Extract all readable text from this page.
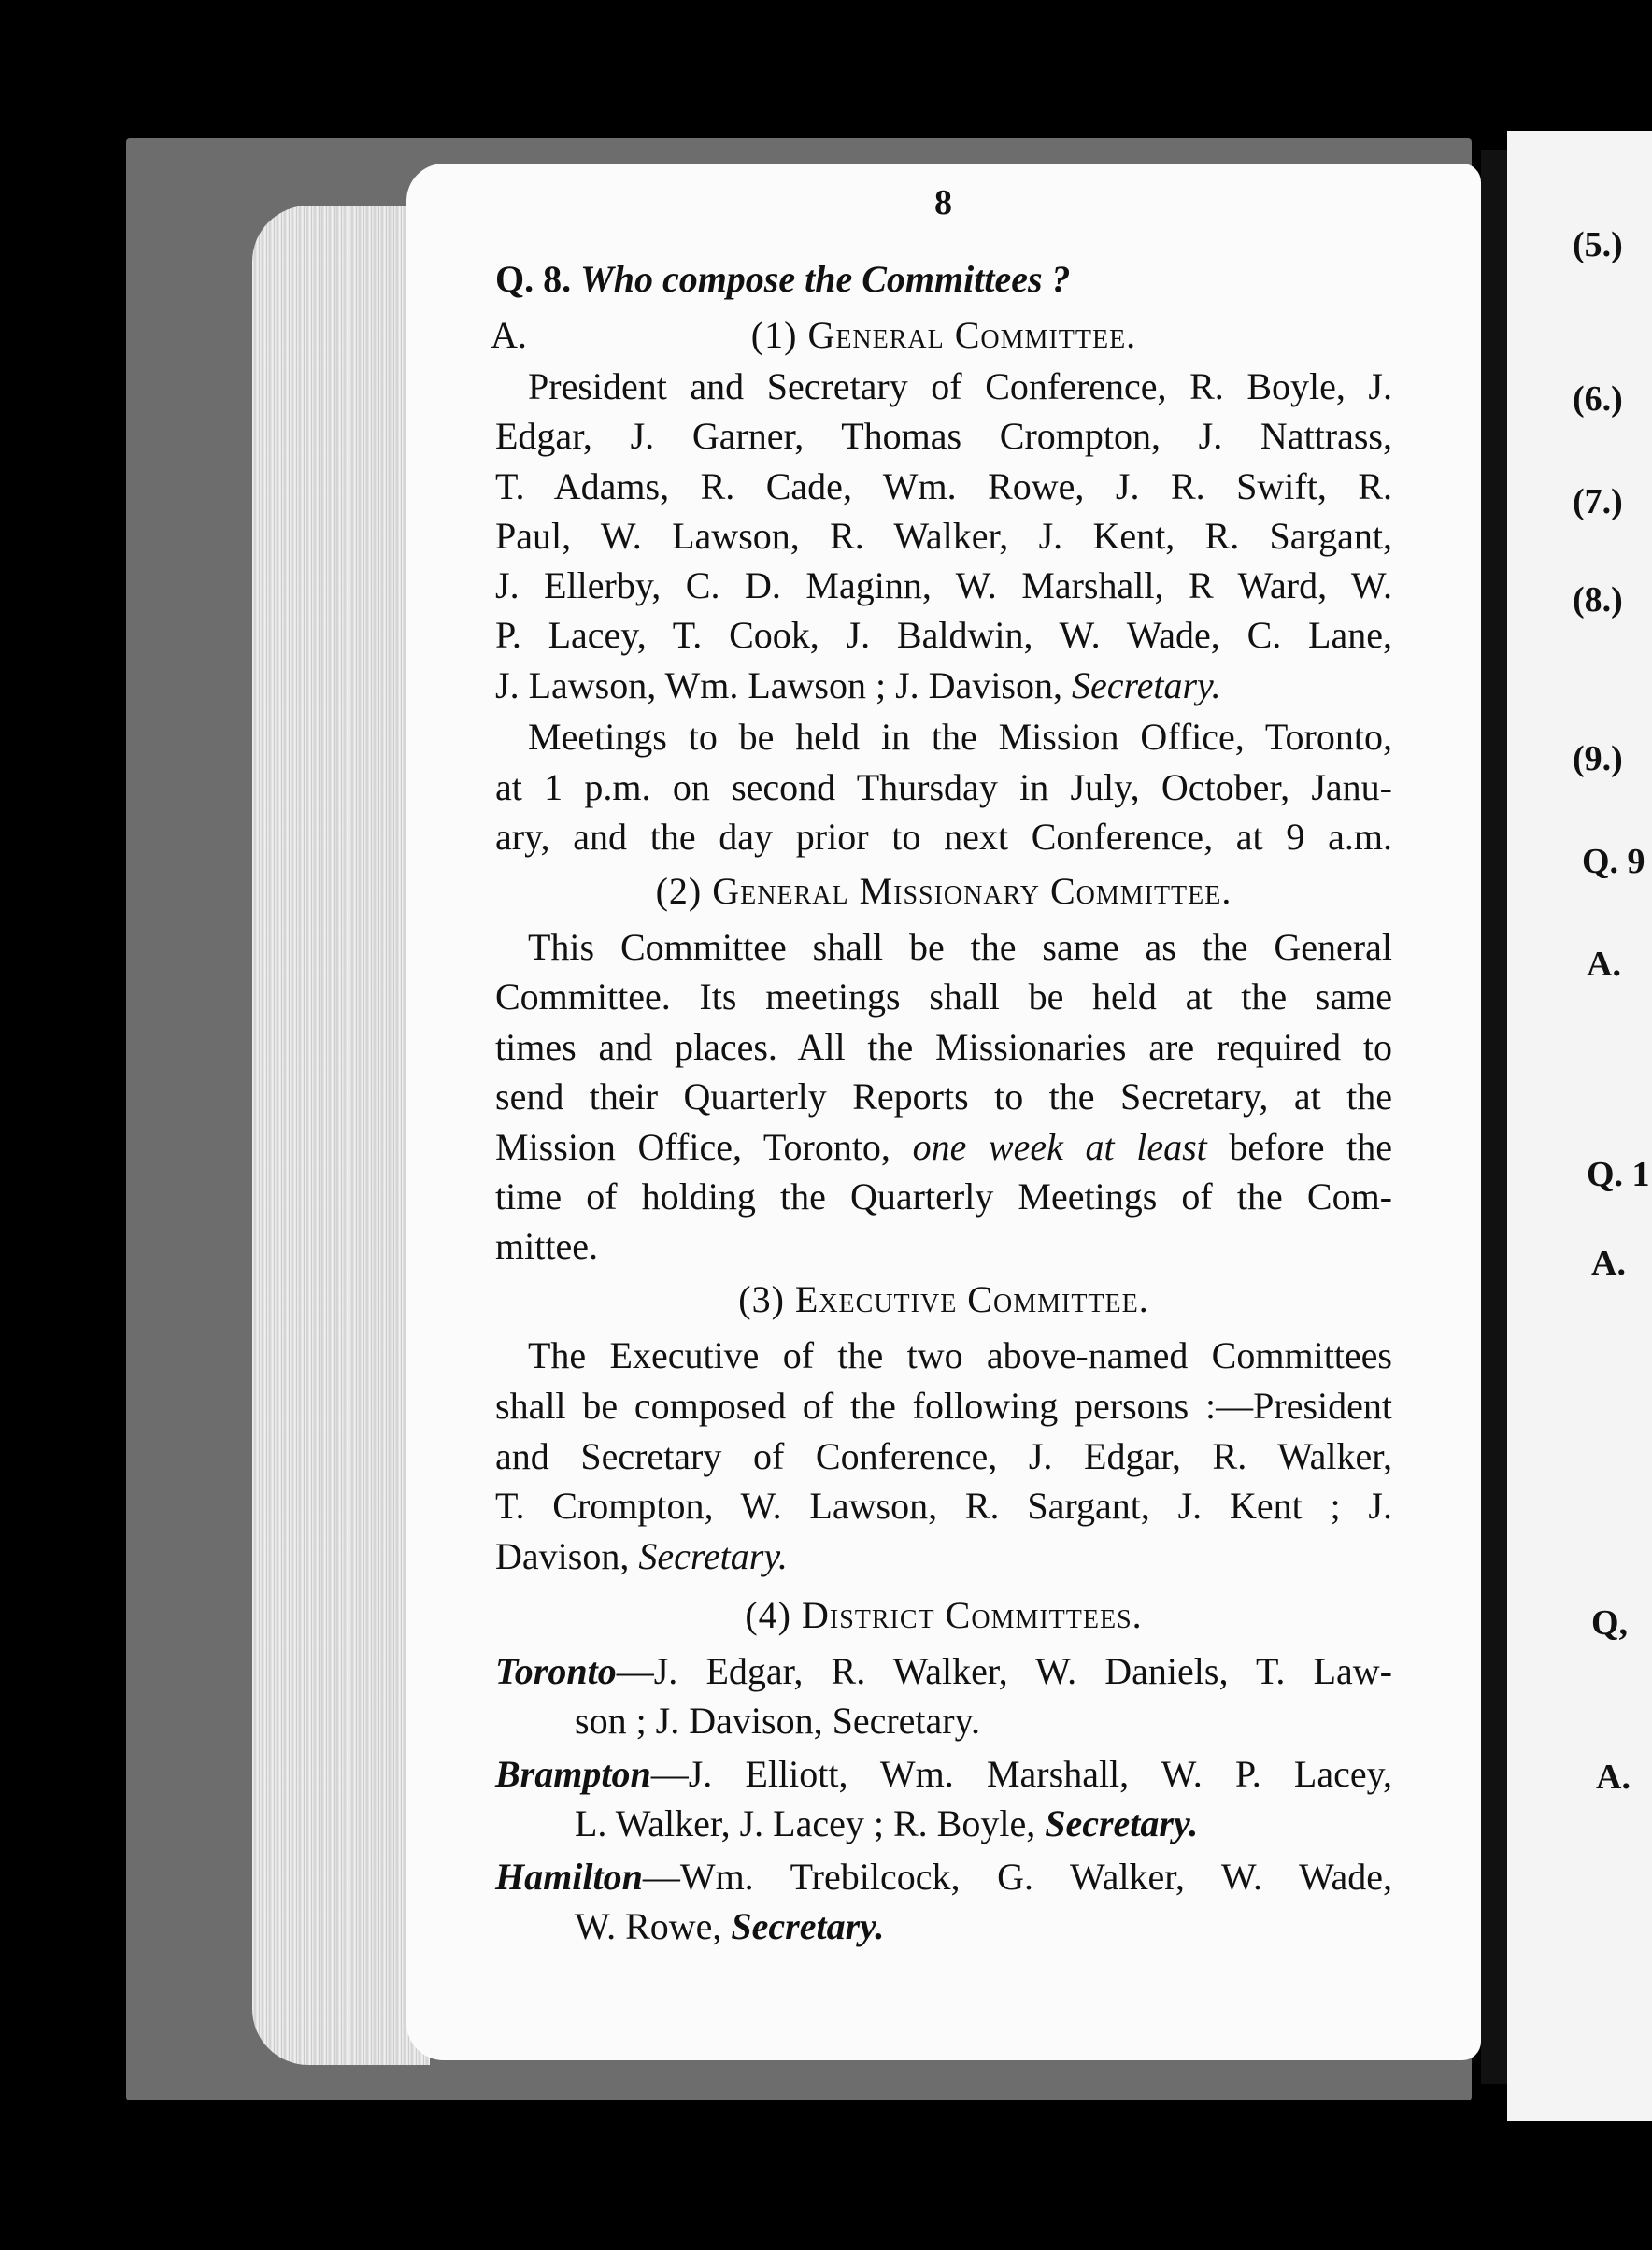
8
Q. 8. Who compose the Committees ?
A.	(1) General Committee.
President and Secretary of Conference, R. Boyle, J.
Edgar, J. Garner, Thomas Crompton, J. Nattrass,
T. Adams, R. Cade, Wm. Rowe, J. R. Swift, R.
Paul, W. Lawson, R. Walker, J. Kent, R. Sargant,
J. Ellerby, C. D. Maginn, W. Marshall, R Ward, W.
P. Lacey, T. Cook, J. Baldwin, W. Wade, C. Lane,
J. Lawson, Wm. Lawson ; J. Davison, Secretary.
Meetings to be held in the Mission Office, Toronto,
at 1 p.m. on second Thursday in July, October, Janu-
ary, and the day prior to next Conference, at 9 a.m.
(2) General Missionary Committee.
This Committee shall be the same as the General
Committee. Its meetings shall be held at the same
times and places. All the Missionaries are required to
send their Quarterly Reports to the Secretary, at the
Mission Office, Toronto, one week at least before the
time of holding the Quarterly Meetings of the Com-
mittee.
(3) Executive Committee.
The Executive of the two above-named Committees
shall be composed of the following persons :—President
and Secretary of Conference, J. Edgar, R. Walker,
T. Crompton, W. Lawson, R. Sargant, J. Kent ; J.
Davison, Secretary.
(4) District Committees.
Toronto—J. Edgar, R. Walker, W. Daniels, T. Law-
son ; J. Davison, Secretary.
Brampton—J. Elliott, Wm. Marshall, W. P. Lacey,
L. Walker, J. Lacey ; R. Boyle, Secretary.
Hamilton—Wm. Trebilcock, G. Walker, W. Wade,
W. Rowe, Secretary.
(5.)
(6.)
(7.)
(8.)
(9.)
Q. 9
A.
Q. 1
A.
Q,
A.
